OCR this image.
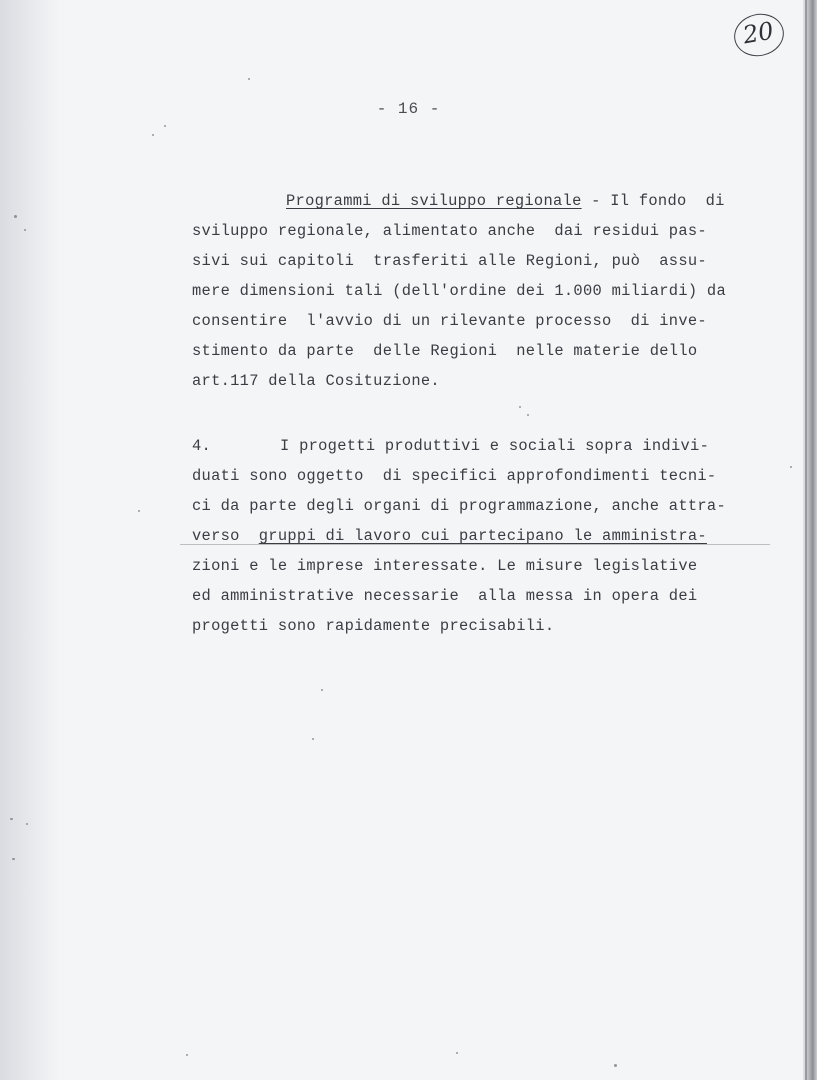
- 16 -
20
Programmi di sviluppo regionale - Il fondo  di
sviluppo regionale, alimentato anche  dai residui pas-
sivi sui capitoli  trasferiti alle Regioni, può  assu-
mere dimensioni tali (dell'ordine dei 1.000 miliardi) da
consentire  l'avvio di un rilevante processo  di inve-
stimento da parte  delle Regioni  nelle materie dello
art.117 della Cosituzione.
4.	I progetti produttivi e sociali sopra indivi-
duati sono oggetto  di specifici approfondimenti tecni-
ci da parte degli organi di programmazione, anche attra-
verso  gruppi di lavoro cui partecipano le amministra-
zioni e le imprese interessate. Le misure legislative
ed amministrative necessarie  alla messa in opera dei
progetti sono rapidamente precisabili.
